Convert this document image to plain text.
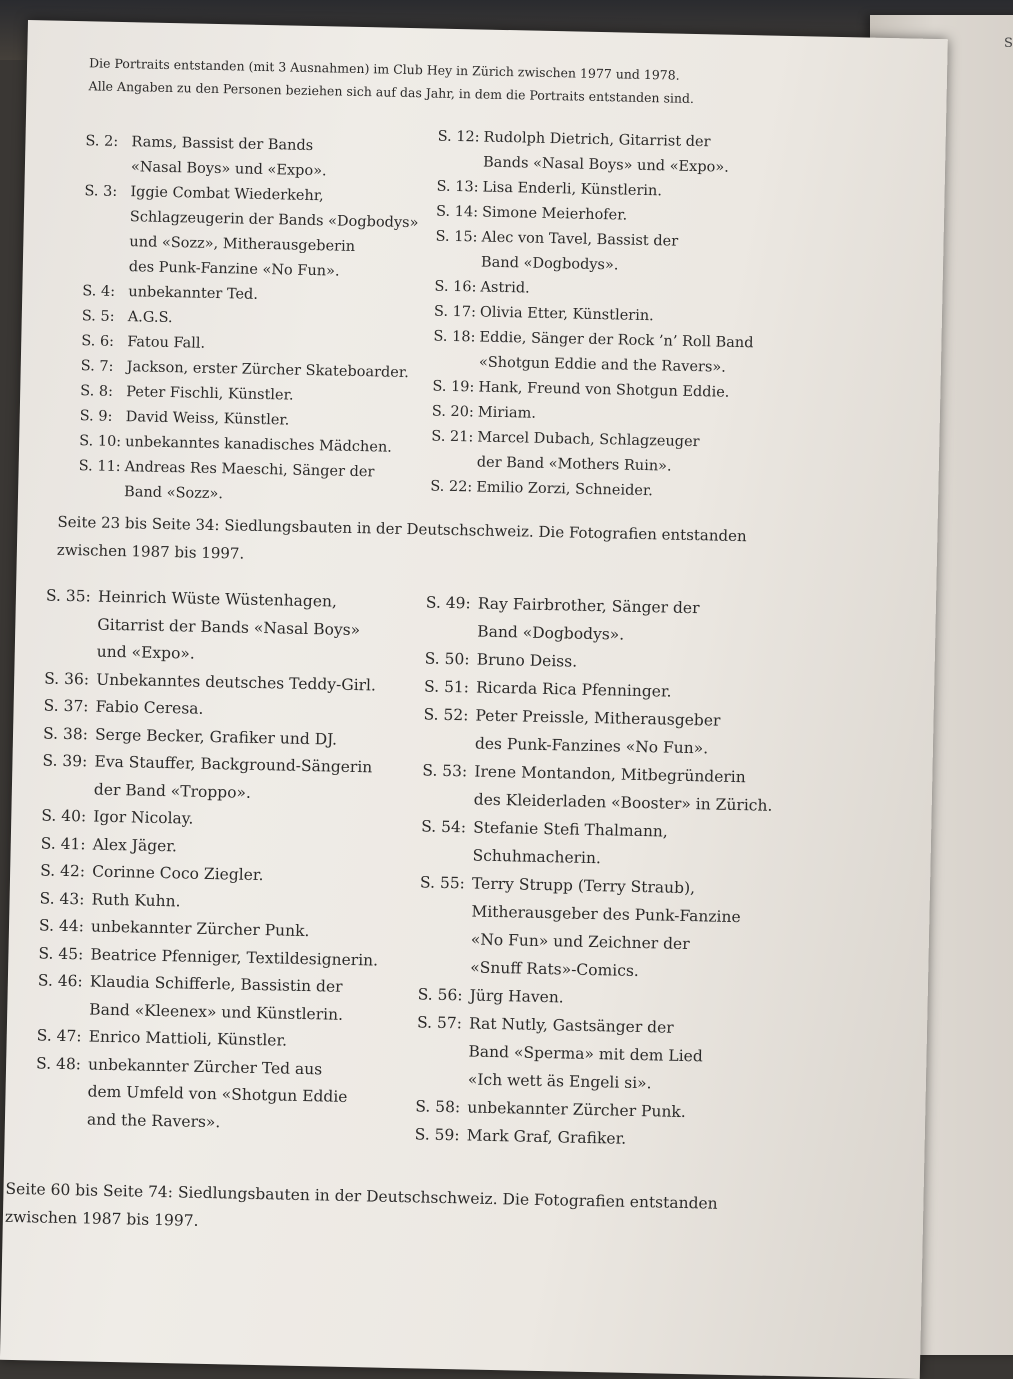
S
Die Portraits entstanden (mit 3 Ausnahmen) im Club Hey in Zürich zwischen 1977 und 1978.
Alle Angaben zu den Personen beziehen sich auf das Jahr, in dem die Portraits entstanden sind.
S. 2: Rams, Bassist der Bands
«Nasal Boys» und «Expo».
S. 3: Iggie Combat Wiederkehr,
Schlagzeugerin der Bands «Dogbodys»
und «Sozz», Mitherausgeberin
des Punk-Fanzine «No Fun».
S. 4: unbekannter Ted.
S. 5: A.G.S.
S. 6: Fatou Fall.
S. 7: Jackson, erster Zürcher Skateboarder.
S. 8: Peter Fischli, Künstler.
S. 9: David Weiss, Künstler.
S. 10: unbekanntes kanadisches Mädchen.
S. 11: Andreas Res Maeschi, Sänger der
Band «Sozz».
S. 12: Rudolph Dietrich, Gitarrist der
Bands «Nasal Boys» und «Expo».
S. 13: Lisa Enderli, Künstlerin.
S. 14: Simone Meierhofer.
S. 15: Alec von Tavel, Bassist der
Band «Dogbodys».
S. 16: Astrid.
S. 17: Olivia Etter, Künstlerin.
S. 18: Eddie, Sänger der Rock ’n’ Roll Band
«Shotgun Eddie and the Ravers».
S. 19: Hank, Freund von Shotgun Eddie.
S. 20: Miriam.
S. 21: Marcel Dubach, Schlagzeuger
der Band «Mothers Ruin».
S. 22: Emilio Zorzi, Schneider.
Seite 23 bis Seite 34: Siedlungsbauten in der Deutschschweiz. Die Fotografien entstanden
zwischen 1987 bis 1997.
S. 35: Heinrich Wüste Wüstenhagen,
Gitarrist der Bands «Nasal Boys»
und «Expo».
S. 36: Unbekanntes deutsches Teddy-Girl.
S. 37: Fabio Ceresa.
S. 38: Serge Becker, Grafiker und DJ.
S. 39: Eva Stauffer, Background-Sängerin
der Band «Troppo».
S. 40: Igor Nicolay.
S. 41: Alex Jäger.
S. 42: Corinne Coco Ziegler.
S. 43: Ruth Kuhn.
S. 44: unbekannter Zürcher Punk.
S. 45: Beatrice Pfenniger, Textildesignerin.
S. 46: Klaudia Schifferle, Bassistin der
Band «Kleenex» und Künstlerin.
S. 47: Enrico Mattioli, Künstler.
S. 48: unbekannter Zürcher Ted aus
dem Umfeld von «Shotgun Eddie
and the Ravers».
S. 49: Ray Fairbrother, Sänger der
Band «Dogbodys».
S. 50: Bruno Deiss.
S. 51: Ricarda Rica Pfenninger.
S. 52: Peter Preissle, Mitherausgeber
des Punk-Fanzines «No Fun».
S. 53: Irene Montandon, Mitbegründerin
des Kleiderladen «Booster» in Zürich.
S. 54: Stefanie Stefi Thalmann,
Schuhmacherin.
S. 55: Terry Strupp (Terry Straub),
Mitherausgeber des Punk-Fanzine
«No Fun» und Zeichner der
«Snuff Rats»-Comics.
S. 56: Jürg Haven.
S. 57: Rat Nutly, Gastsänger der
Band «Sperma» mit dem Lied
«Ich wett äs Engeli si».
S. 58: unbekannter Zürcher Punk.
S. 59: Mark Graf, Grafiker.
Seite 60 bis Seite 74: Siedlungsbauten in der Deutschschweiz. Die Fotografien entstanden
zwischen 1987 bis 1997.
